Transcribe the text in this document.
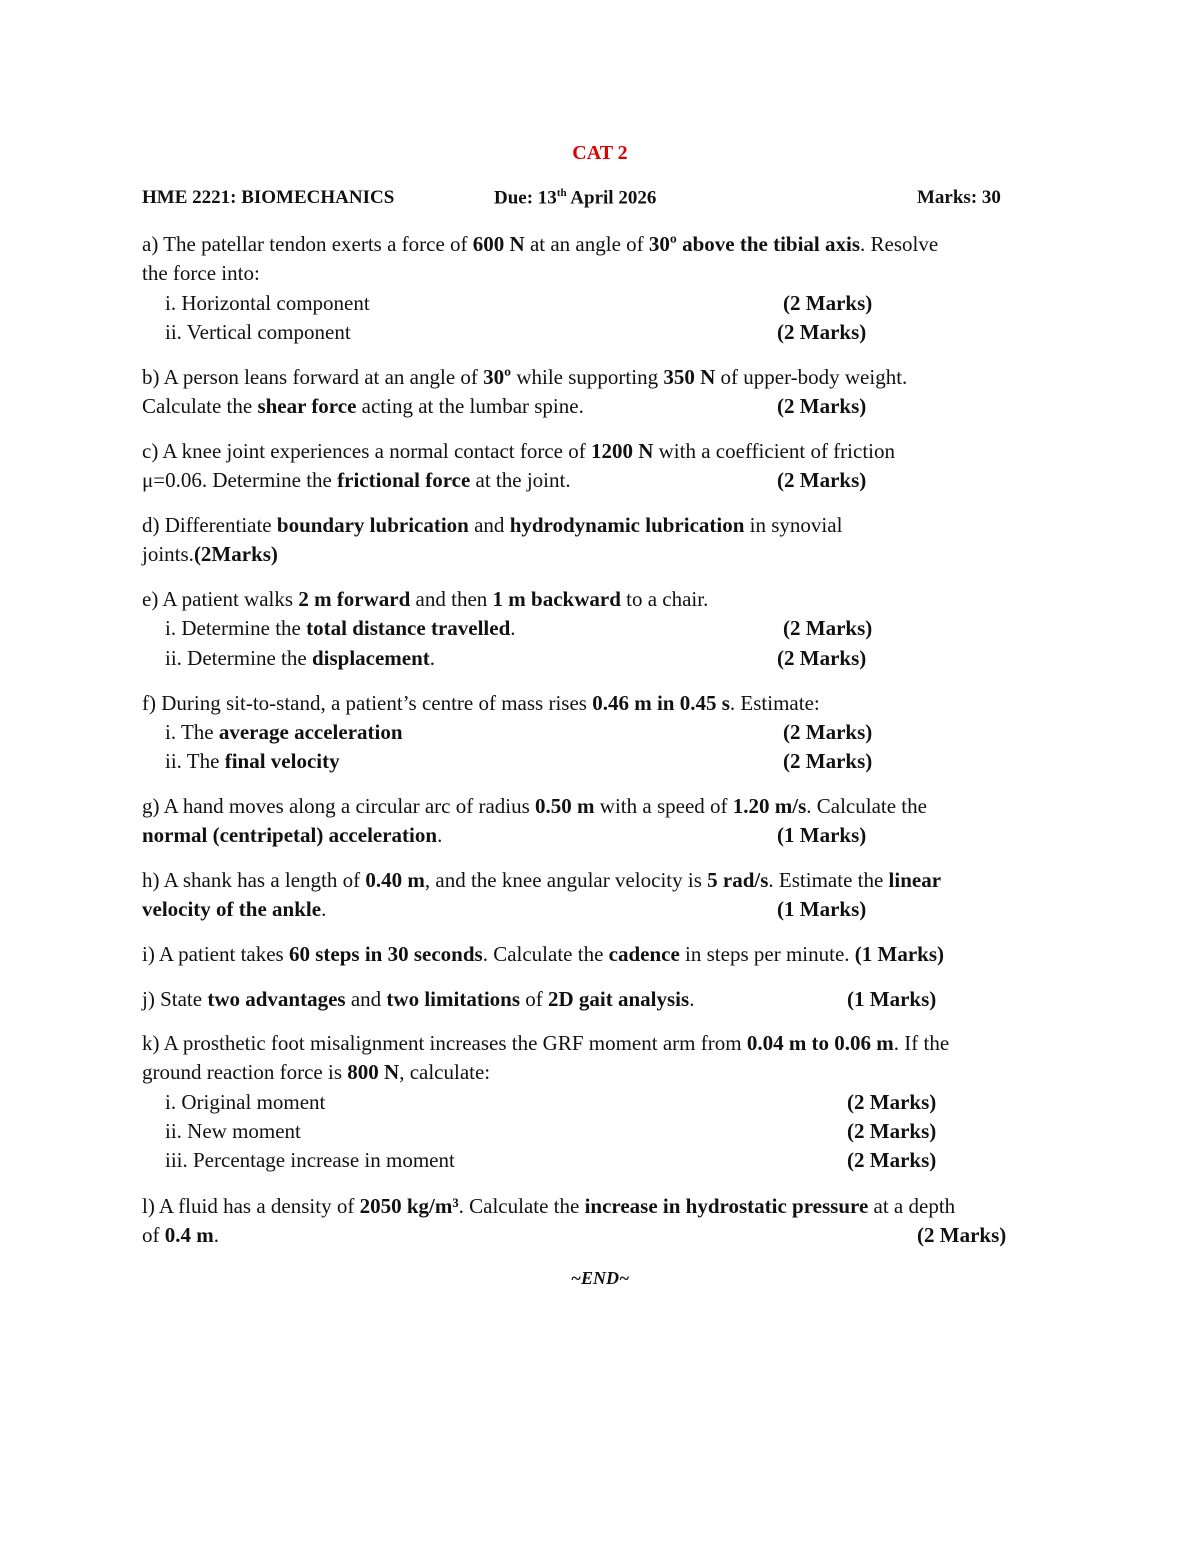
CAT 2
HME 2221: BIOMECHANICS	Due: 13th April 2026	Marks: 30
a) The patellar tendon exerts a force of 600 N at an angle of 30º above the tibial axis. Resolve
the force into:
i. Horizontal component	(2 Marks)
ii. Vertical component	(2 Marks)
b) A person leans forward at an angle of 30º while supporting 350 N of upper-body weight.
Calculate the shear force acting at the lumbar spine.	(2 Marks)
c) A knee joint experiences a normal contact force of 1200 N with a coefficient of friction
μ=0.06. Determine the frictional force at the joint.	(2 Marks)
d) Differentiate boundary lubrication and hydrodynamic lubrication in synovial
joints.(2Marks)
e) A patient walks 2 m forward and then 1 m backward to a chair.
i. Determine the total distance travelled.	(2 Marks)
ii. Determine the displacement.	(2 Marks)
f) During sit-to-stand, a patient’s centre of mass rises 0.46 m in 0.45 s. Estimate:
i. The average acceleration	(2 Marks)
ii. The final velocity	(2 Marks)
g) A hand moves along a circular arc of radius 0.50 m with a speed of 1.20 m/s. Calculate the
normal (centripetal) acceleration.	(1 Marks)
h) A shank has a length of 0.40 m, and the knee angular velocity is 5 rad/s. Estimate the linear
velocity of the ankle.	(1 Marks)
i) A patient takes 60 steps in 30 seconds. Calculate the cadence in steps per minute. (1 Marks)
j) State two advantages and two limitations of 2D gait analysis.	(1 Marks)
k) A prosthetic foot misalignment increases the GRF moment arm from 0.04 m to 0.06 m. If the
ground reaction force is 800 N, calculate:
i. Original moment	(2 Marks)
ii. New moment	(2 Marks)
iii. Percentage increase in moment	(2 Marks)
l) A fluid has a density of 2050 kg/m³. Calculate the increase in hydrostatic pressure at a depth
of 0.4 m.	(2 Marks)
~END~
